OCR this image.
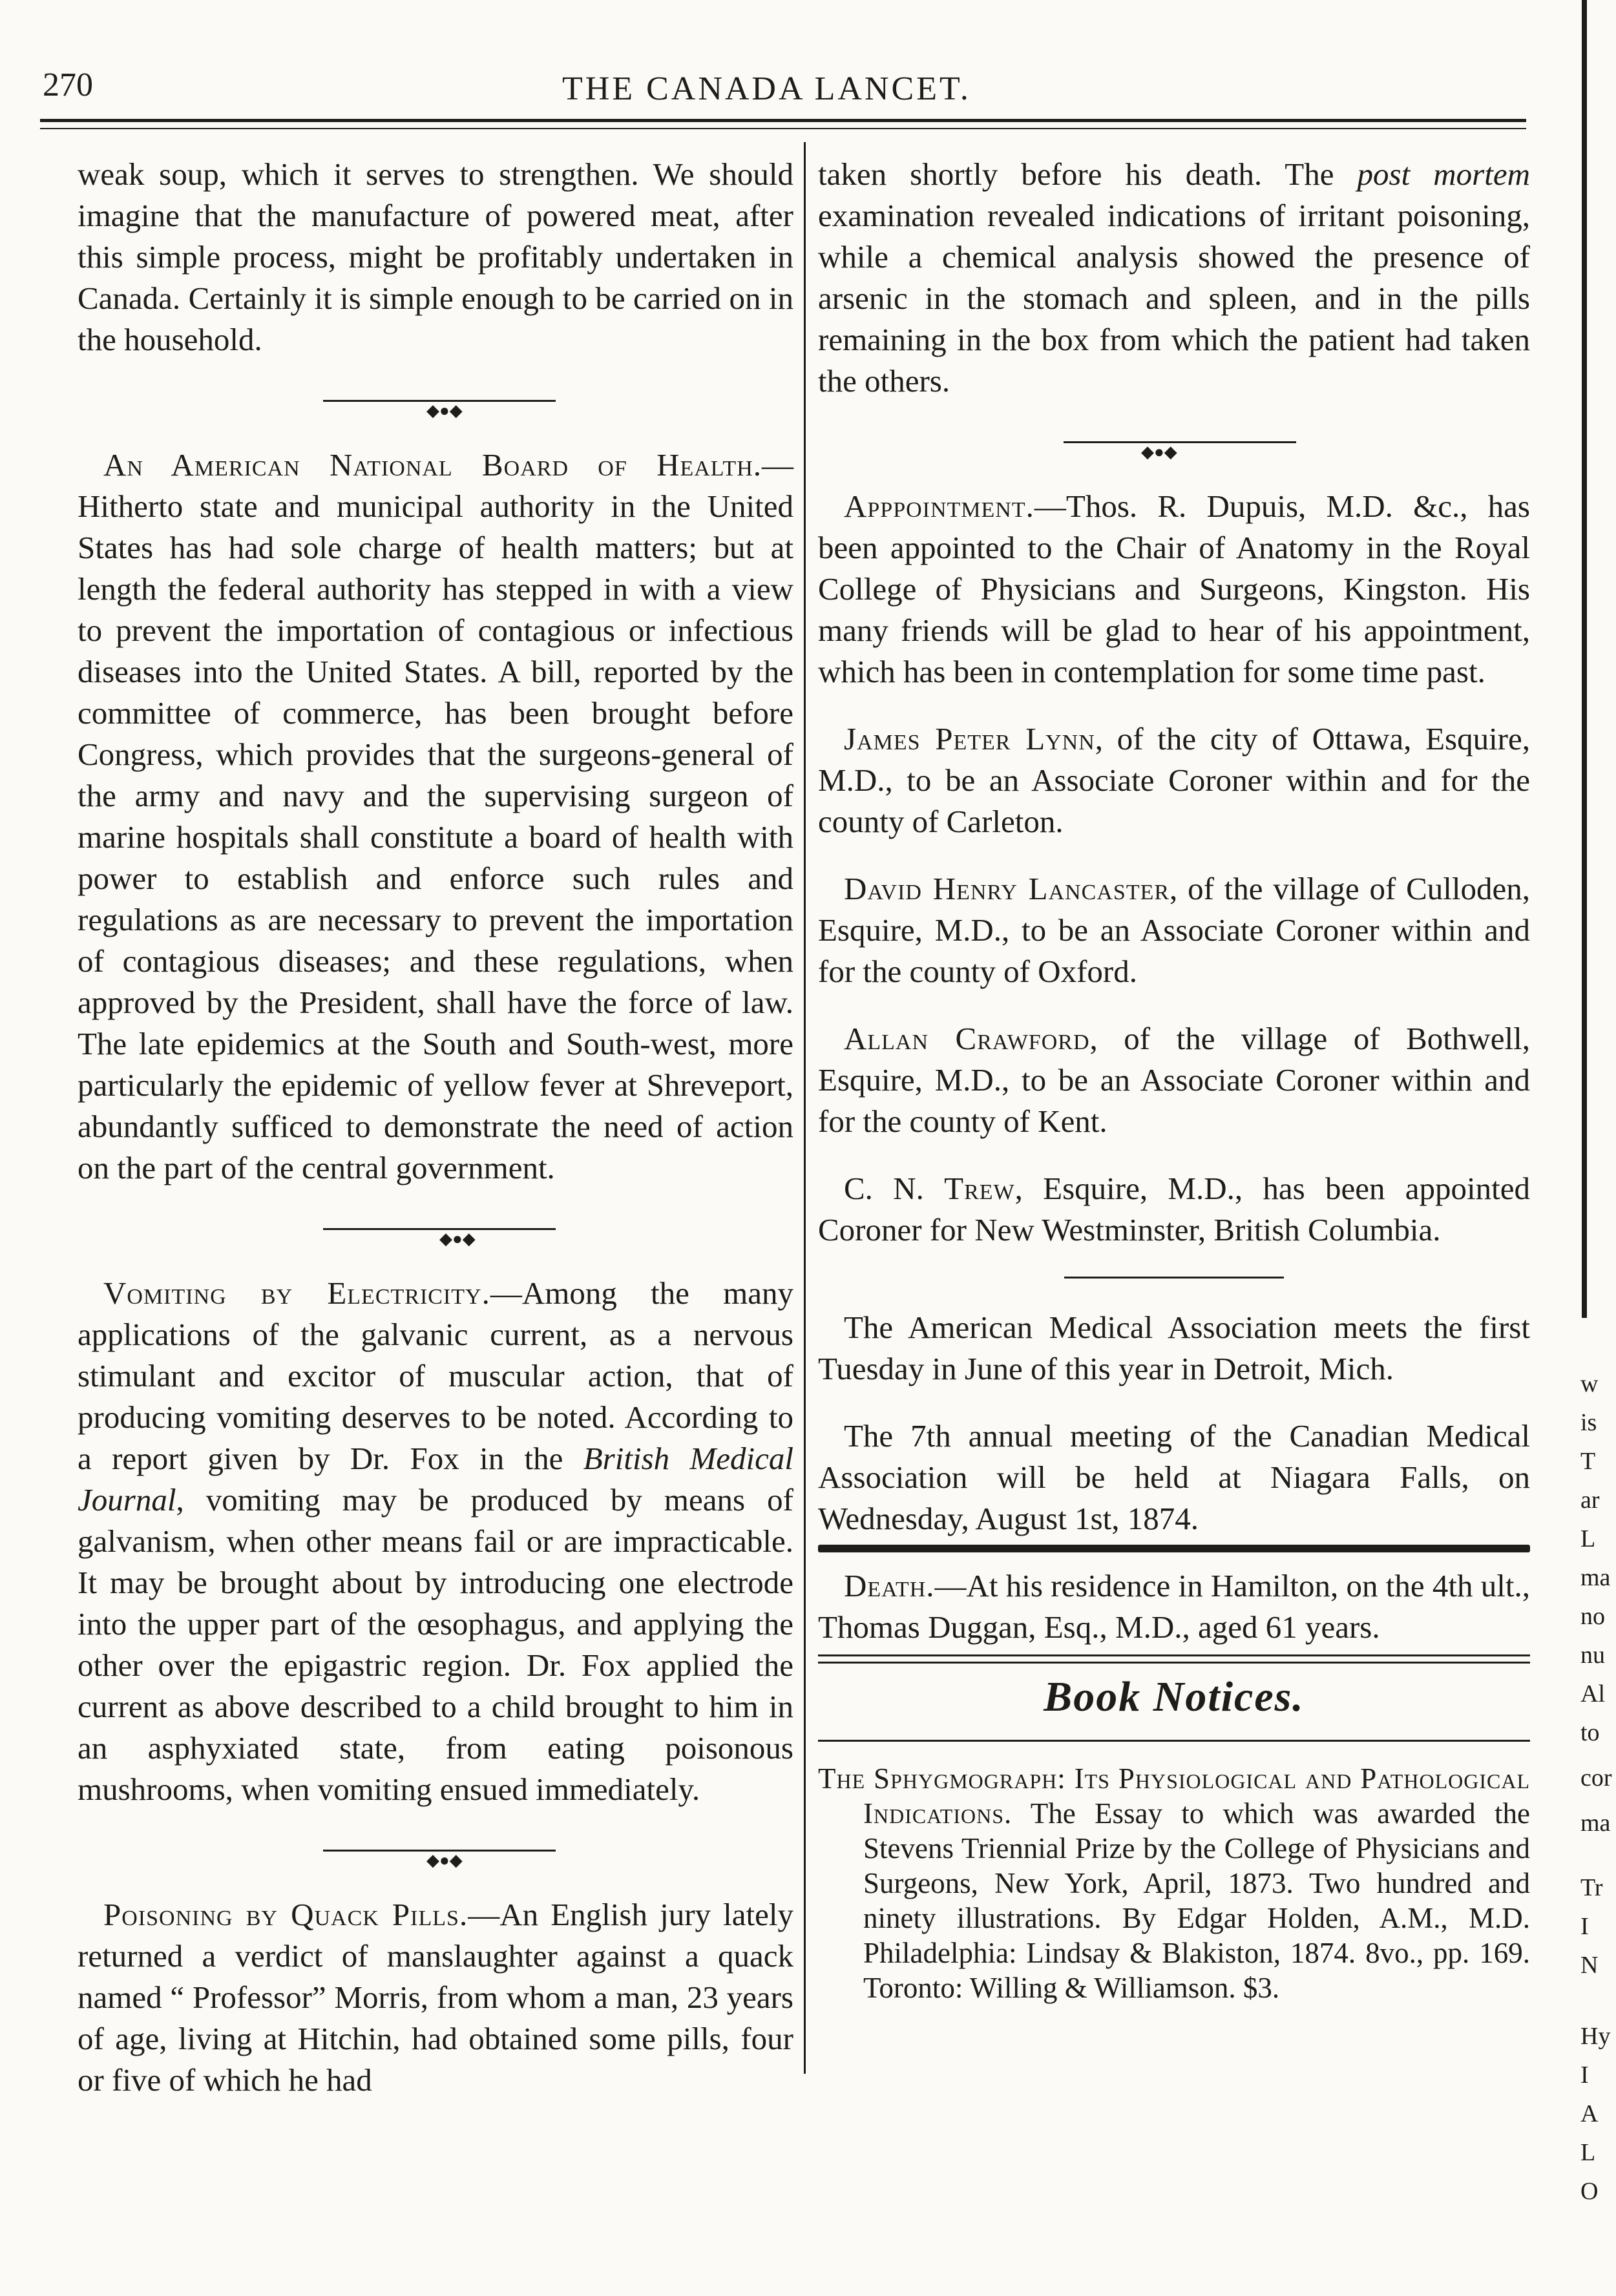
270	THE CANADA LANCET.

weak soup, which it serves to strengthen. We should imagine that the manufacture of powered meat, after this simple process, might be profitably undertaken in Canada. Certainly it is simple enough to be carried on in the household.

◆●◆

An American National Board of Health.—Hitherto state and municipal authority in the United States has had sole charge of health matters; but at length the federal authority has stepped in with a view to prevent the importation of contagious or infectious diseases into the United States. A bill, reported by the committee of commerce, has been brought before Congress, which provides that the surgeons-general of the army and navy and the supervising surgeon of marine hospitals shall constitute a board of health with power to establish and enforce such rules and regulations as are necessary to prevent the importation of contagious diseases; and these regulations, when approved by the President, shall have the force of law. The late epidemics at the South and South-west, more particularly the epidemic of yellow fever at Shreveport, abundantly sufficed to demonstrate the need of action on the part of the central government.

◆●◆

Vomiting by Electricity.—Among the many applications of the galvanic current, as a nervous stimulant and excitor of muscular action, that of producing vomiting deserves to be noted. According to a report given by Dr. Fox in the British Medical Journal, vomiting may be produced by means of galvanism, when other means fail or are impracticable. It may be brought about by introducing one electrode into the upper part of the œsophagus, and applying the other over the epigastric region. Dr. Fox applied the current as above described to a child brought to him in an asphyxiated state, from eating poisonous mushrooms, when vomiting ensued immediately.

◆●◆

Poisoning by Quack Pills.—An English jury lately returned a verdict of manslaughter against a quack named “ Professor” Morris, from whom a man, 23 years of age, living at Hitchin, had obtained some pills, four or five of which he had

taken shortly before his death. The post mortem examination revealed indications of irritant poisoning, while a chemical analysis showed the presence of arsenic in the stomach and spleen, and in the pills remaining in the box from which the patient had taken the others.

◆●◆

Apppointment.—Thos. R. Dupuis, M.D. &c., has been appointed to the Chair of Anatomy in the Royal College of Physicians and Surgeons, Kingston. His many friends will be glad to hear of his appointment, which has been in contemplation for some time past.

James Peter Lynn, of the city of Ottawa, Esquire, M.D., to be an Associate Coroner within and for the county of Carleton.

David Henry Lancaster, of the village of Culloden, Esquire, M.D., to be an Associate Coroner within and for the county of Oxford.

Allan Crawford, of the village of Bothwell, Esquire, M.D., to be an Associate Coroner within and for the county of Kent.

C. N. Trew, Esquire, M.D., has been appointed Coroner for New Westminster, British Columbia.

The American Medical Association meets the first Tuesday in June of this year in Detroit, Mich.

The 7th annual meeting of the Canadian Medical Association will be held at Niagara Falls, on Wednesday, August 1st, 1874.

Death.—At his residence in Hamilton, on the 4th ult., Thomas Duggan, Esq., M.D., aged 61 years.

Book Notices.

The Sphygmograph: Its Physiological and Pathological Indications. The Essay to which was awarded the Stevens Triennial Prize by the College of Physicians and Surgeons, New York, April, 1873. Two hundred and ninety illustrations. By Edgar Holden, A.M., M.D. Philadelphia: Lindsay & Blakiston, 1874. 8vo., pp. 169. Toronto: Willing & Williamson. $3.

w
is
T
ar
L
ma
no
nu
Al
to
cor
ma
Tr
I
N
Hy
I
A
L
O
